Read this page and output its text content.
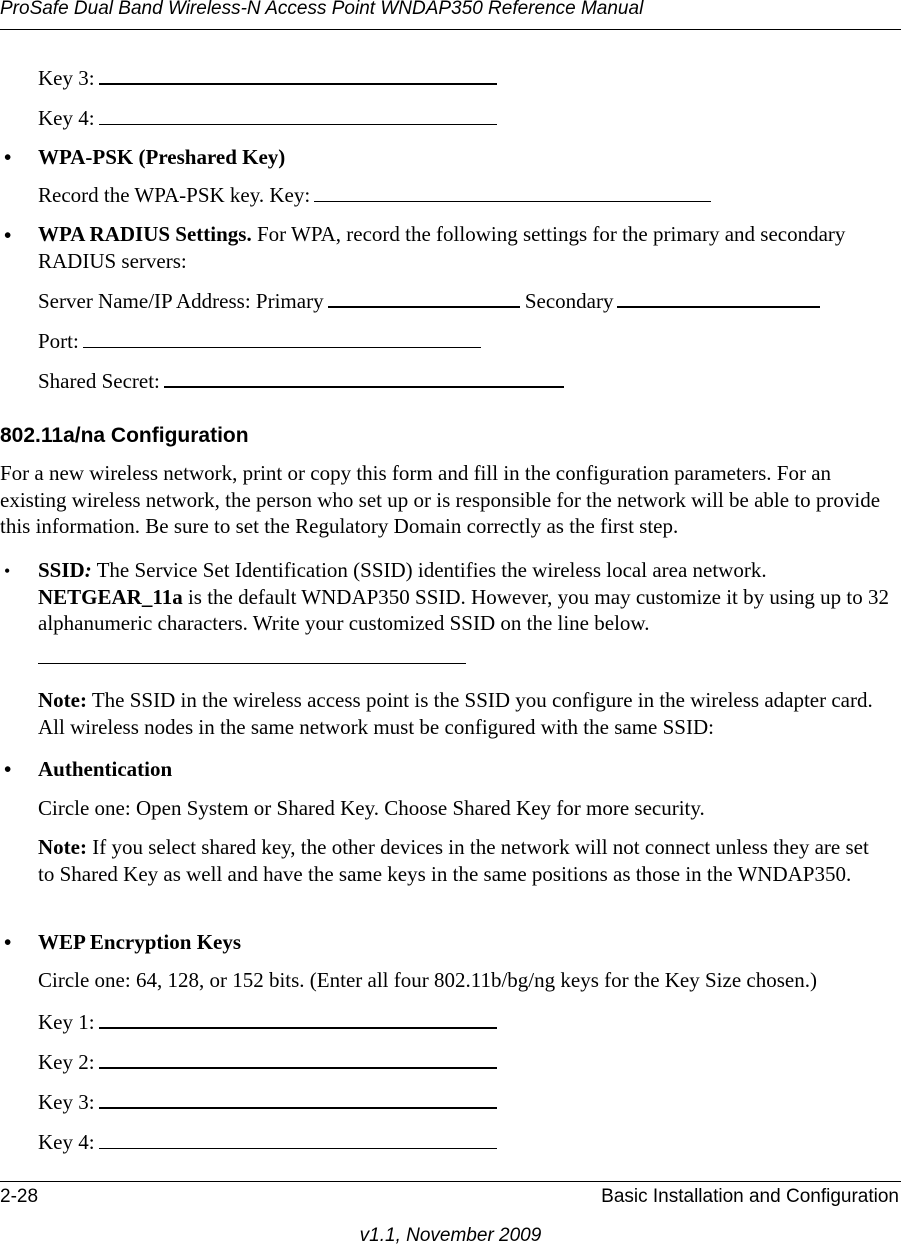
ProSafe Dual Band Wireless-N Access Point WNDAP350 Reference Manual
Key 3:
Key 4:
• WPA-PSK (Preshared Key)
Record the WPA-PSK key. Key:
• WPA RADIUS Settings. For WPA, record the following settings for the primary and secondary RADIUS servers:
Server Name/IP Address: Primary	Secondary
Port:
Shared Secret:
802.11a/na Configuration
For a new wireless network, print or copy this form and fill in the configuration parameters. For an existing wireless network, the person who set up or is responsible for the network will be able to provide this information. Be sure to set the Regulatory Domain correctly as the first step.
• SSID: The Service Set Identification (SSID) identifies the wireless local area network. NETGEAR_11a is the default WNDAP350 SSID. However, you may customize it by using up to 32 alphanumeric characters. Write your customized SSID on the line below.
Note: The SSID in the wireless access point is the SSID you configure in the wireless adapter card. All wireless nodes in the same network must be configured with the same SSID:
• Authentication
Circle one: Open System or Shared Key. Choose Shared Key for more security.
Note: If you select shared key, the other devices in the network will not connect unless they are set to Shared Key as well and have the same keys in the same positions as those in the WNDAP350.
• WEP Encryption Keys
Circle one: 64, 128, or 152 bits. (Enter all four 802.11b/bg/ng keys for the Key Size chosen.)
Key 1:
Key 2:
Key 3:
Key 4:
2-28	Basic Installation and Configuration
v1.1, November 2009
